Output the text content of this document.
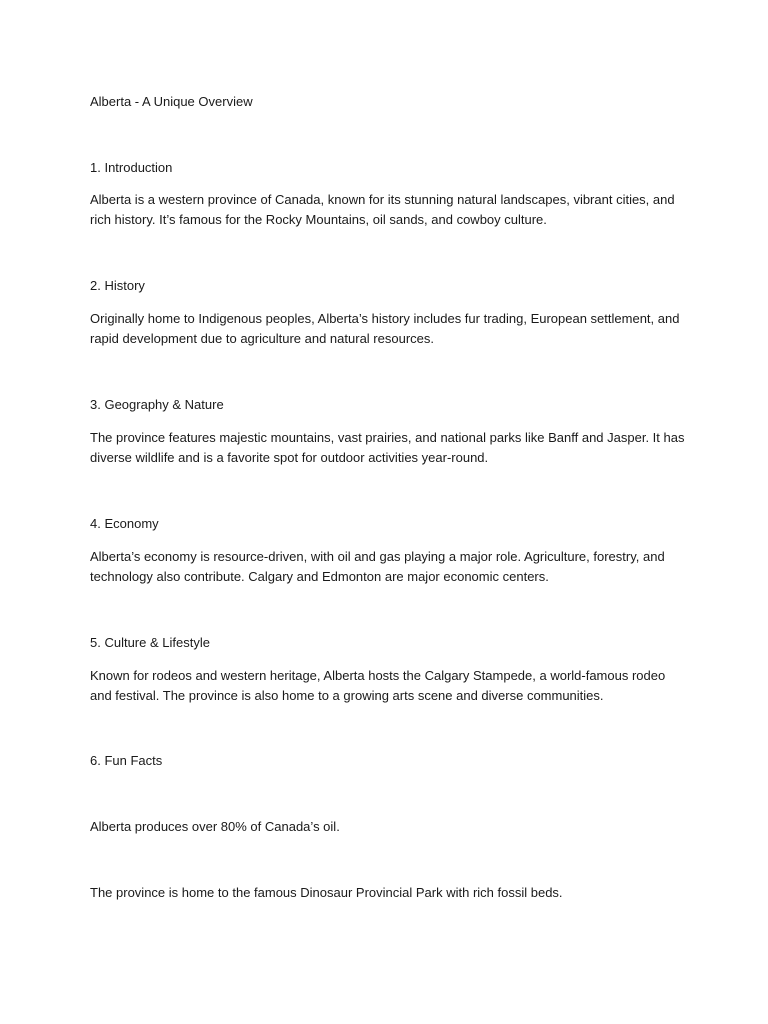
Alberta - A Unique Overview

1. Introduction

Alberta is a western province of Canada, known for its stunning natural landscapes, vibrant cities, and rich history. It’s famous for the Rocky Mountains, oil sands, and cowboy culture.

2. History

Originally home to Indigenous peoples, Alberta’s history includes fur trading, European settlement, and rapid development due to agriculture and natural resources.

3. Geography & Nature

The province features majestic mountains, vast prairies, and national parks like Banff and Jasper. It has diverse wildlife and is a favorite spot for outdoor activities year-round.

4. Economy

Alberta’s economy is resource-driven, with oil and gas playing a major role. Agriculture, forestry, and technology also contribute. Calgary and Edmonton are major economic centers.

5. Culture & Lifestyle

Known for rodeos and western heritage, Alberta hosts the Calgary Stampede, a world-famous rodeo and festival. The province is also home to a growing arts scene and diverse communities.

6. Fun Facts

Alberta produces over 80% of Canada’s oil.

The province is home to the famous Dinosaur Provincial Park with rich fossil beds.
